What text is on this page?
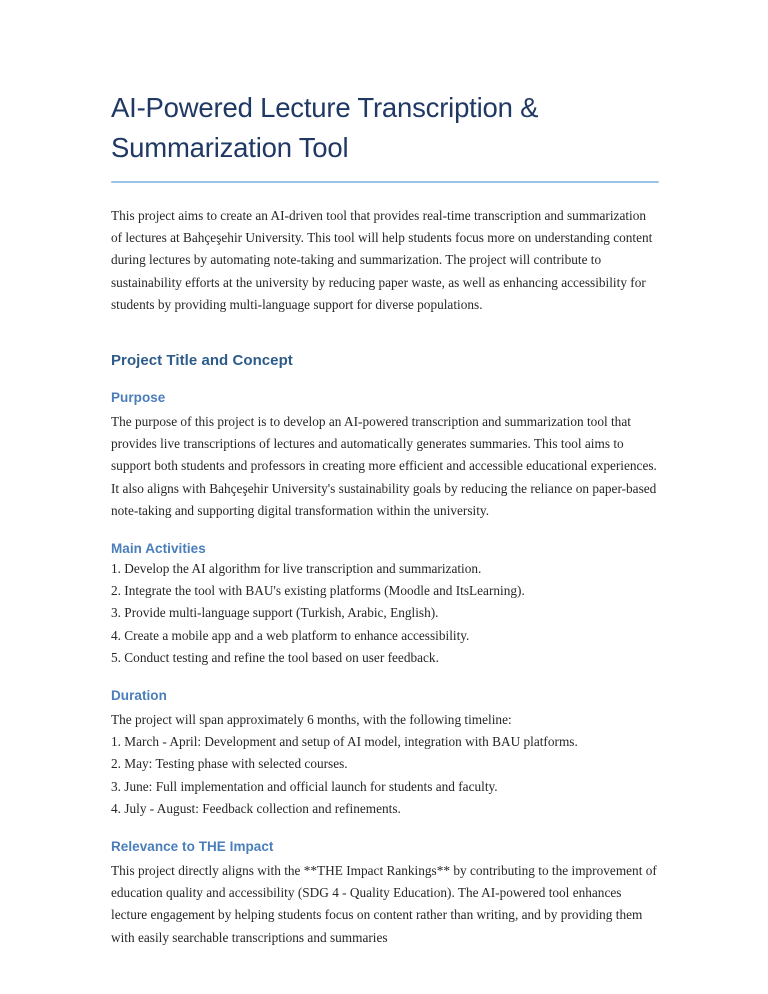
AI-Powered Lecture Transcription &
Summarization Tool

This project aims to create an AI-driven tool that provides real-time transcription and summarization of lectures at Bahçeşehir University. This tool will help students focus more on understanding content during lectures by automating note-taking and summarization. The project will contribute to sustainability efforts at the university by reducing paper waste, as well as enhancing accessibility for students by providing multi-language support for diverse populations.

Project Title and Concept
Purpose

The purpose of this project is to develop an AI-powered transcription and summarization tool that provides live transcriptions of lectures and automatically generates summaries. This tool aims to support both students and professors in creating more efficient and accessible educational experiences. It also aligns with Bahçeşehir University's sustainability goals by reducing the reliance on paper-based note-taking and supporting digital transformation within the university.

Main Activities
1. Develop the AI algorithm for live transcription and summarization.
2. Integrate the tool with BAU's existing platforms (Moodle and ItsLearning).
3. Provide multi-language support (Turkish, Arabic, English).
4. Create a mobile app and a web platform to enhance accessibility.
5. Conduct testing and refine the tool based on user feedback.
Duration

The project will span approximately 6 months, with the following timeline:

1. March - April: Development and setup of AI model, integration with BAU platforms.
2. May: Testing phase with selected courses.
3. June: Full implementation and official launch for students and faculty.
4. July - August: Feedback collection and refinements.
Relevance to THE Impact

This project directly aligns with the **THE Impact Rankings** by contributing to the improvement of education quality and accessibility (SDG 4 - Quality Education). The AI-powered tool enhances lecture engagement by helping students focus on content rather than writing, and by providing them with easily searchable transcriptions and summaries
